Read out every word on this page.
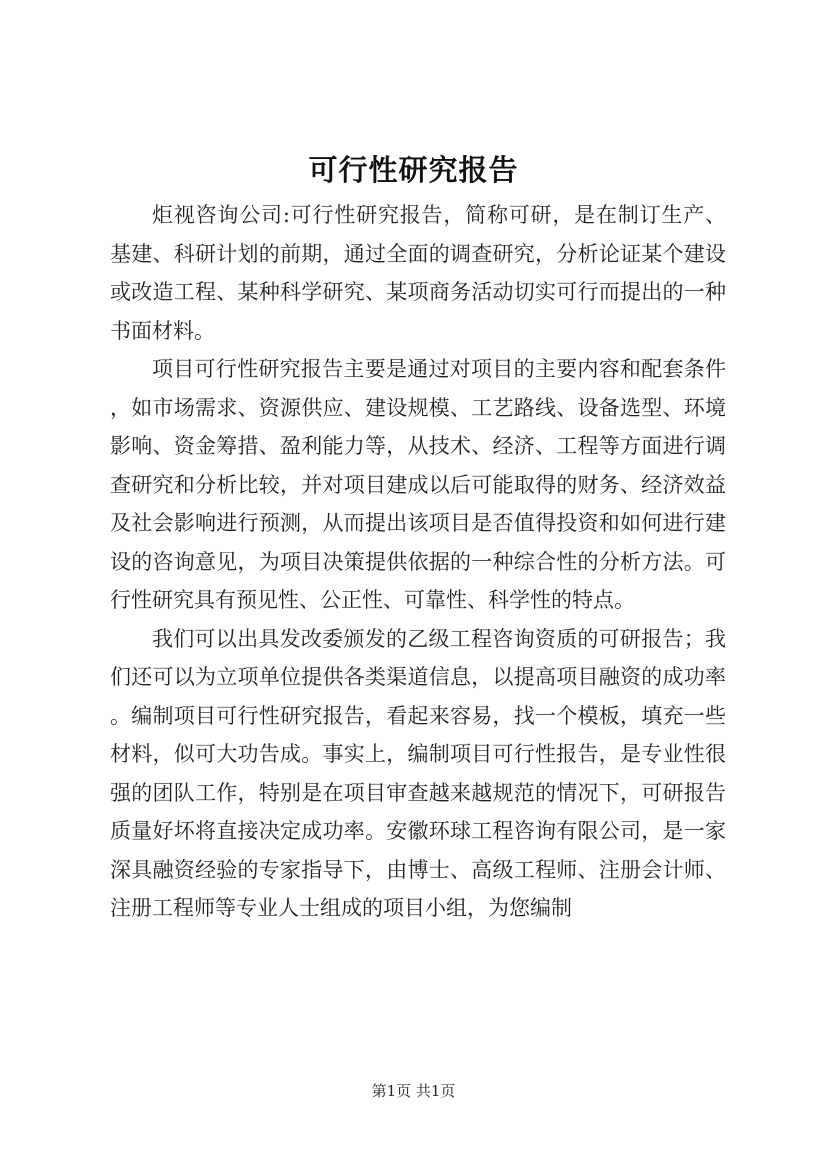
可行性研究报告

炬视咨询公司:可行性研究报告，简称可研，是在制订生产、基建、科研计划的前期，通过全面的调查研究，分析论证某个建设或改造工程、某种科学研究、某项商务活动切实可行而提出的一种书面材料。

项目可行性研究报告主要是通过对项目的主要内容和配套条件，如市场需求、资源供应、建设规模、工艺路线、设备选型、环境影响、资金筹措、盈利能力等，从技术、经济、工程等方面进行调查研究和分析比较，并对项目建成以后可能取得的财务、经济效益及社会影响进行预测，从而提出该项目是否值得投资和如何进行建设的咨询意见，为项目决策提供依据的一种综合性的分析方法。可行性研究具有预见性、公正性、可靠性、科学性的特点。

我们可以出具发改委颁发的乙级工程咨询资质的可研报告；我们还可以为立项单位提供各类渠道信息，以提高项目融资的成功率。编制项目可行性研究报告，看起来容易，找一个模板，填充一些材料，似可大功告成。事实上，编制项目可行性报告，是专业性很强的团队工作，特别是在项目审查越来越规范的情况下，可研报告质量好坏将直接决定成功率。安徽环球工程咨询有限公司，是一家深具融资经验的专家指导下，由博士、高级工程师、注册会计师、注册工程师等专业人士组成的项目小组，为您编制

第1页 共1页
